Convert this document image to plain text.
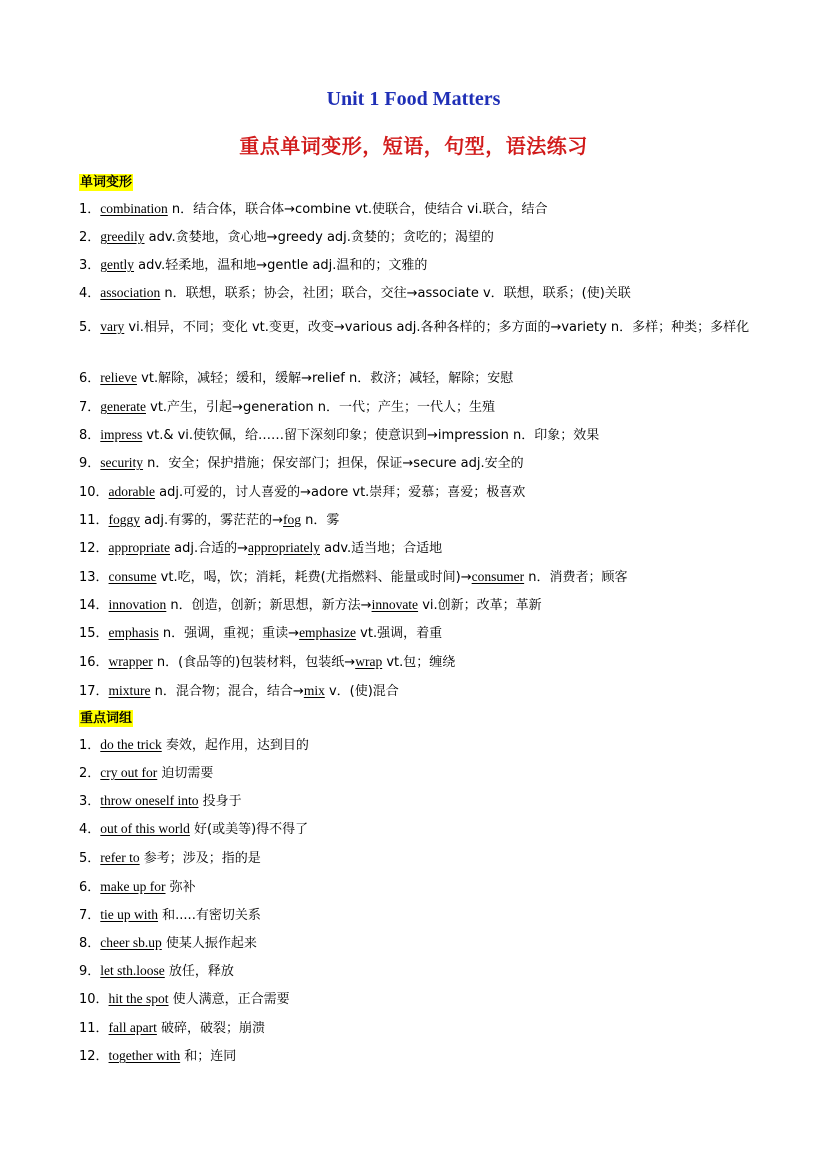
Unit 1 Food Matters
重点单词变形，短语，句型，语法练习
单词变形
1．combination n．结合体，联合体→combine vt.使联合，使结合 vi.联合，结合
2．greedily adv.贪婪地，贪心地→greedy adj.贪婪的；贪吃的；渴望的
3．gently adv.轻柔地，温和地→gentle adj.温和的；文雅的
4．association n．联想，联系；协会，社团；联合，交往→associate v．联想，联系；(使)关联
5．vary vi.相异，不同；变化 vt.变更，改变→various adj.各种各样的；多方面的→variety n．多样；种类；多样化
6．relieve vt.解除，减轻；缓和，缓解→relief n．救济；减轻，解除；安慰
7．generate vt.产生，引起→generation n．一代；产生；一代人；生殖
8．impress vt.& vi.使钦佩，给……留下深刻印象；使意识到→impression n．印象；效果
9．security n．安全；保护措施；保安部门；担保，保证→secure adj.安全的
10．adorable adj.可爱的，讨人喜爱的→adore vt.崇拜；爱慕；喜爱；极喜欢
11．foggy adj.有雾的，雾茫茫的→fog n．雾
12．appropriate adj.合适的→appropriately adv.适当地；合适地
13．consume vt.吃，喝，饮；消耗，耗费(尤指燃料、能量或时间)→consumer n．消费者；顾客
14．innovation n．创造，创新；新思想，新方法→innovate vi.创新；改革；革新
15．emphasis n．强调，重视；重读→emphasize vt.强调，着重
16．wrapper n．(食品等的)包装材料，包装纸→wrap vt.包；缠绕
17．mixture n．混合物；混合，结合→mix v．(使)混合
重点词组
1．do the trick 奏效，起作用，达到目的
2．cry out for 迫切需要
3．throw oneself into 投身于
4．out of this world 好(或美等)得不得了
5．refer to 参考；涉及；指的是
6．make up for 弥补
7．tie up with 和.....有密切关系
8．cheer sb.up 使某人振作起来
9．let sth.loose 放任，释放
10．hit the spot 使人满意，正合需要
11．fall apart 破碎，破裂；崩溃
12．together with 和；连同
